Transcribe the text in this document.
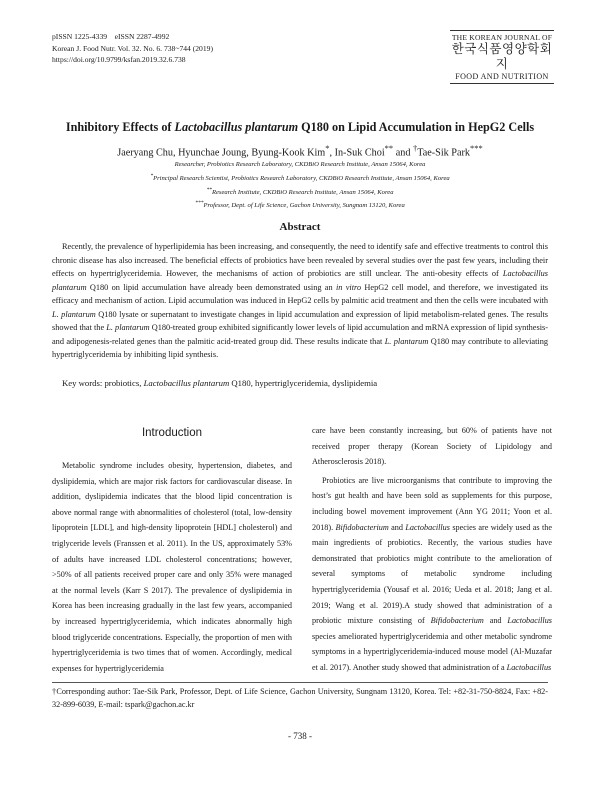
pISSN 1225-4339    eISSN 2287-4992
Korean J. Food Nutr. Vol. 32. No. 6. 738~744 (2019)
https://doi.org/10.9799/ksfan.2019.32.6.738
THE KOREAN JOURNAL OF
한국식품영양학회지
FOOD AND NUTRITION
Inhibitory Effects of Lactobacillus plantarum Q180 on Lipid Accumulation in HepG2 Cells
Jaeryang Chu, Hyunchae Joung, Byung-Kook Kim*, In-Suk Choi** and †Tae-Sik Park***
Researcher, Probiotics Research Laboratory, CKDBiO Research Institute, Ansan 15064, Korea
*Principal Research Scientist, Probiotics Research Laboratory, CKDBiO Research Institute, Ansan 15064, Korea
**Research Institute, CKDBiO Research Institute, Ansan 15064, Korea
***Professor, Dept. of Life Science, Gachon University, Sungnam 13120, Korea
Abstract

Recently, the prevalence of hyperlipidemia has been increasing, and consequently, the need to identify safe and effective treatments to control this chronic disease has also increased. The beneficial effects of probiotics have been revealed by several studies over the past few years, including their effects on hypertriglyceridemia. However, the mechanisms of action of probiotics are still unclear. The anti-obesity effects of Lactobacillus plantarum Q180 on lipid accumulation have already been demonstrated using an in vitro HepG2 cell model, and therefore, we investigated its efficacy and mechanism of action. Lipid accumulation was induced in HepG2 cells by palmitic acid treatment and then the cells were incubated with L. plantarum Q180 lysate or supernatant to investigate changes in lipid accumulation and expression of lipid metabolism-related genes. The results showed that the L. plantarum Q180-treated group exhibited significantly lower levels of lipid accumulation and mRNA expression of lipid synthesis- and adipogenesis-related genes than the palmitic acid-treated group did. These results indicate that L. plantarum Q180 may contribute to alleviating hypertriglyceridemia by inhibiting lipid synthesis.

Key words: probiotics, Lactobacillus plantarum Q180, hypertriglyceridemia, dyslipidemia
Introduction

Metabolic syndrome includes obesity, hypertension, diabetes, and dyslipidemia, which are major risk factors for cardiovascular disease. In addition, dyslipidemia indicates that the blood lipid concentration is above normal range with abnormalities of cholesterol (total, low-density lipoprotein [LDL], and high-density lipoprotein [HDL] cholesterol) and triglyceride levels (Franssen et al. 2011). In the US, approximately 53% of adults have increased LDL cholesterol concentrations; however, >50% of all patients received proper care and only 35% were managed at the normal levels (Karr S 2017). The prevalence of dyslipidemia in Korea has been increasing gradually in the last few years, accompanied by increased hypertriglyceridemia, which indicates abnormally high blood triglyceride concentrations. Especially, the proportion of men with hypertriglyceridemia is two times that of women. Accordingly, medical expenses for hypertriglyceridemia

care have been constantly increasing, but 60% of patients have not received proper therapy (Korean Society of Lipidology and Atherosclerosis 2018).

Probiotics are live microorganisms that contribute to improving the host’s gut health and have been sold as supplements for this purpose, including bowel movement improvement (Ann YG 2011; Yoon et al. 2018). Bifidobacterium and Lactobacillus species are widely used as the main ingredients of probiotics. Recently, the various studies have demonstrated that probiotics might contribute to the amelioration of several symptoms of metabolic syndrome including hypertriglyceridemia (Yousaf et al. 2016; Ueda et al. 2018; Jang et al. 2019; Wang et al. 2019).A study showed that administration of a probiotic mixture consisting of Bifidobacterium and Lactobacillus species ameliorated hypertriglyceridemia and other metabolic syndrome symptoms in a hypertriglyceridemia-induced mouse model (Al-Muzafar et al. 2017). Another study showed that administration of a Lactobacillus

†Corresponding author: Tae-Sik Park, Professor, Dept. of Life Science, Gachon University, Sungnam 13120, Korea. Tel: +82-31-750-8824, Fax: +82-32-899-6039, E-mail: tspark@gachon.ac.kr
- 738 -
